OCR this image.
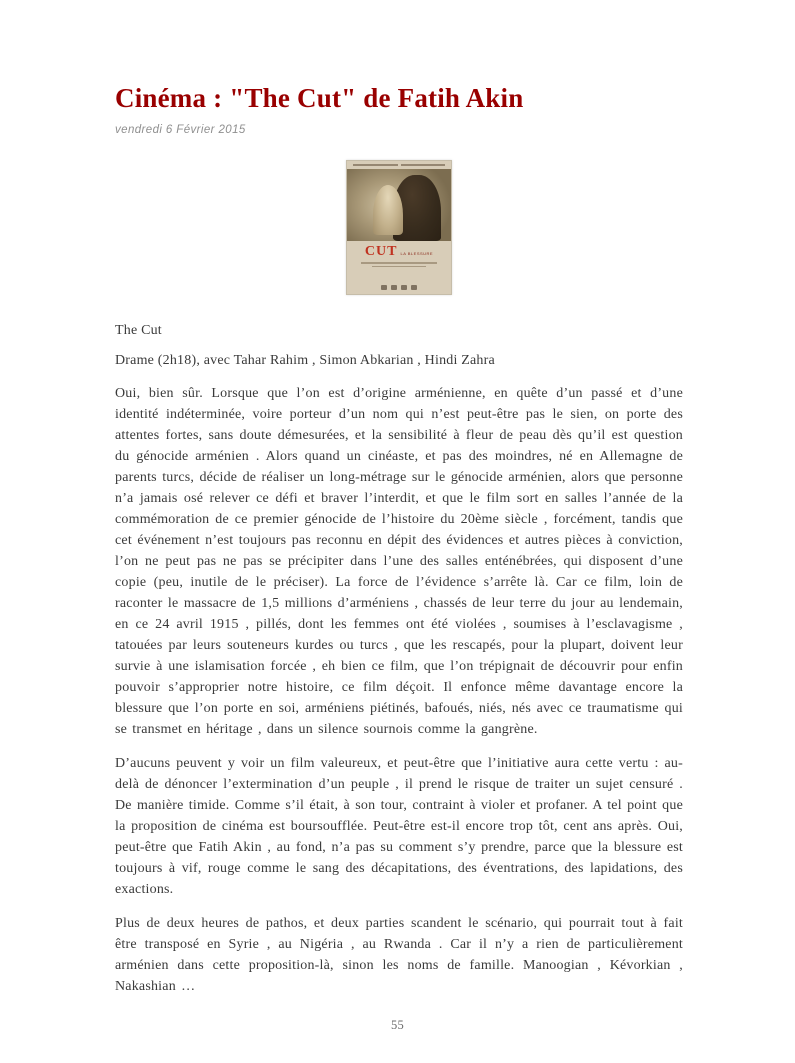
Cinéma : "The Cut" de Fatih Akin
vendredi 6 Février 2015
CUT LA BLESSURE

The Cut

Drame (2h18), avec Tahar Rahim , Simon Abkarian , Hindi Zahra

Oui, bien sûr. Lorsque que l’on est d’origine arménienne, en quête d’un passé et d’une identité indéterminée, voire porteur d’un nom qui n’est peut-être pas le sien, on porte des attentes fortes, sans doute démesurées, et la sensibilité à fleur de peau dès qu’il est question du génocide arménien . Alors quand un cinéaste, et pas des moindres, né en Allemagne de parents turcs, décide de réaliser un long-métrage sur le génocide arménien, alors que personne n’a jamais osé relever ce défi et braver l’interdit, et que le film sort en salles l’année de la commémoration de ce premier génocide de l’histoire du 20ème siècle , forcément, tandis que cet événement n’est toujours pas reconnu en dépit des évidences et autres pièces à conviction, l’on ne peut pas ne pas se précipiter dans l’une des salles enténébrées, qui disposent d’une copie (peu, inutile de le préciser). La force de l’évidence s’arrête là. Car ce film, loin de raconter le massacre de 1,5 millions d’arméniens , chassés de leur terre du jour au lendemain, en ce 24 avril 1915 , pillés, dont les femmes ont été violées , soumises à l’esclavagisme , tatouées par leurs souteneurs kurdes ou turcs , que les rescapés, pour la plupart, doivent leur survie à une islamisation forcée , eh bien ce film, que l’on trépignait de découvrir pour enfin pouvoir s’approprier notre histoire, ce film déçoit. Il enfonce même davantage encore la blessure que l’on porte en soi, arméniens piétinés, bafoués, niés, nés avec ce traumatisme qui se transmet en héritage , dans un silence sournois comme la gangrène.

D’aucuns peuvent y voir un film valeureux, et peut-être que l’initiative aura cette vertu : au-delà de dénoncer l’extermination d’un peuple , il prend le risque de traiter un sujet censuré . De manière timide. Comme s’il était, à son tour, contraint à violer et profaner. A tel point que la proposition de cinéma est boursoufflée. Peut-être est-il encore trop tôt, cent ans après. Oui, peut-être que Fatih Akin , au fond, n’a pas su comment s’y prendre, parce que la blessure est toujours à vif, rouge comme le sang des décapitations, des éventrations, des lapidations, des exactions.

Plus de deux heures de pathos, et deux parties scandent le scénario, qui pourrait tout à fait être transposé en Syrie , au Nigéria , au Rwanda . Car il n’y a rien de particulièrement arménien dans cette proposition-là, sinon les noms de famille. Manoogian , Kévorkian , Nakashian …

55
